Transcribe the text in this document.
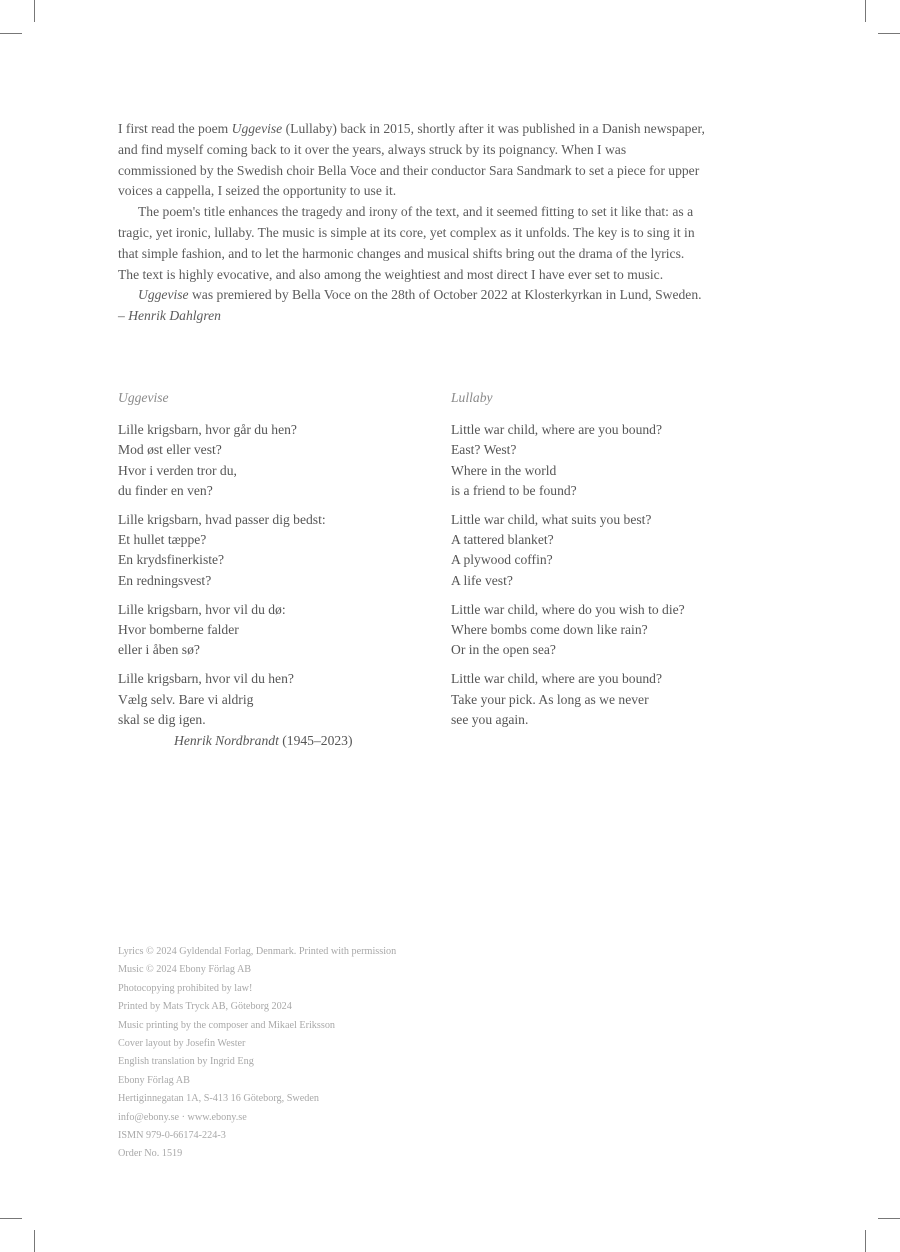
I first read the poem Uggevise (Lullaby) back in 2015, shortly after it was published in a Danish newspaper, and find myself coming back to it over the years, always struck by its poignancy. When I was commissioned by the Swedish choir Bella Voce and their conductor Sara Sandmark to set a piece for upper voices a cappella, I seized the opportunity to use it.

The poem's title enhances the tragedy and irony of the text, and it seemed fitting to set it like that: as a tragic, yet ironic, lullaby. The music is simple at its core, yet complex as it unfolds. The key is to sing it in that simple fashion, and to let the harmonic changes and musical shifts bring out the drama of the lyrics. The text is highly evocative, and also among the weightiest and most direct I have ever set to music.

Uggevise was premiered by Bella Voce on the 28th of October 2022 at Klosterkyrkan in Lund, Sweden. – Henrik Dahlgren

Uggevise
Lille krigsbarn, hvor går du hen?
Mod øst eller vest?
Hvor i verden tror du,
du finder en ven?
Lille krigsbarn, hvad passer dig bedst:
Et hullet tæppe?
En krydsfinerkiste?
En redningsvest?
Lille krigsbarn, hvor vil du dø:
Hvor bomberne falder
eller i åben sø?
Lille krigsbarn, hvor vil du hen?
Vælg selv. Bare vi aldrig
skal se dig igen.
Henrik Nordbrandt (1945–2023)
Lullaby
Little war child, where are you bound?
East? West?
Where in the world
is a friend to be found?
Little war child, what suits you best?
A tattered blanket?
A plywood coffin?
A life vest?
Little war child, where do you wish to die?
Where bombs come down like rain?
Or in the open sea?
Little war child, where are you bound?
Take your pick. As long as we never
see you again.
Lyrics © 2024 Gyldendal Forlag, Denmark. Printed with permission
Music © 2024 Ebony Förlag AB
Photocopying prohibited by law!
Printed by Mats Tryck AB, Göteborg 2024
Music printing by the composer and Mikael Eriksson
Cover layout by Josefin Wester
English translation by Ingrid Eng
Ebony Förlag AB
Hertiginnegatan 1A, S-413 16 Göteborg, Sweden
info@ebony.se · www.ebony.se
ISMN 979-0-66174-224-3
Order No. 1519
